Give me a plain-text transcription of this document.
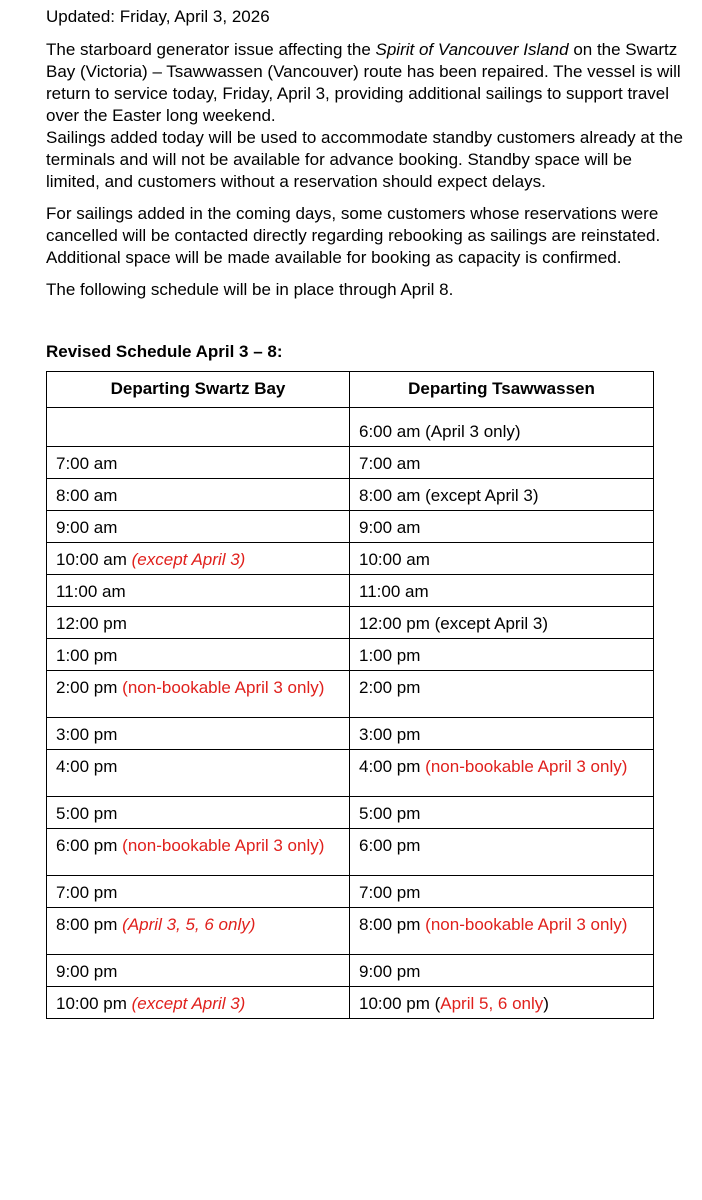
Updated: Friday, April 3, 2026

The starboard generator issue affecting the Spirit of Vancouver Island on the Swartz Bay (Victoria) – Tsawwassen (Vancouver) route has been repaired. The vessel is will return to service today, Friday, April 3, providing additional sailings to support travel over the Easter long weekend.

Sailings added today will be used to accommodate standby customers already at the terminals and will not be available for advance booking. Standby space will be limited, and customers without a reservation should expect delays.

For sailings added in the coming days, some customers whose reservations were cancelled will be contacted directly regarding rebooking as sailings are reinstated. Additional space will be made available for booking as capacity is confirmed.

The following schedule will be in place through April 8.

Revised Schedule April 3 – 8:

Departing Swartz Bay	Departing Tsawwassen
	6:00 am (April 3 only)
7:00 am	7:00 am
8:00 am	8:00 am (except April 3)
9:00 am	9:00 am
10:00 am (except April 3)	10:00 am
11:00 am	11:00 am
12:00 pm	12:00 pm (except April 3)
1:00 pm	1:00 pm
2:00 pm (non-bookable April 3 only)	2:00 pm
3:00 pm	3:00 pm
4:00 pm	4:00 pm (non-bookable April 3 only)
5:00 pm	5:00 pm
6:00 pm (non-bookable April 3 only)	6:00 pm
7:00 pm	7:00 pm
8:00 pm (April 3, 5, 6 only)	8:00 pm (non-bookable April 3 only)
9:00 pm	9:00 pm
10:00 pm (except April 3)	10:00 pm (April 5, 6 only)
